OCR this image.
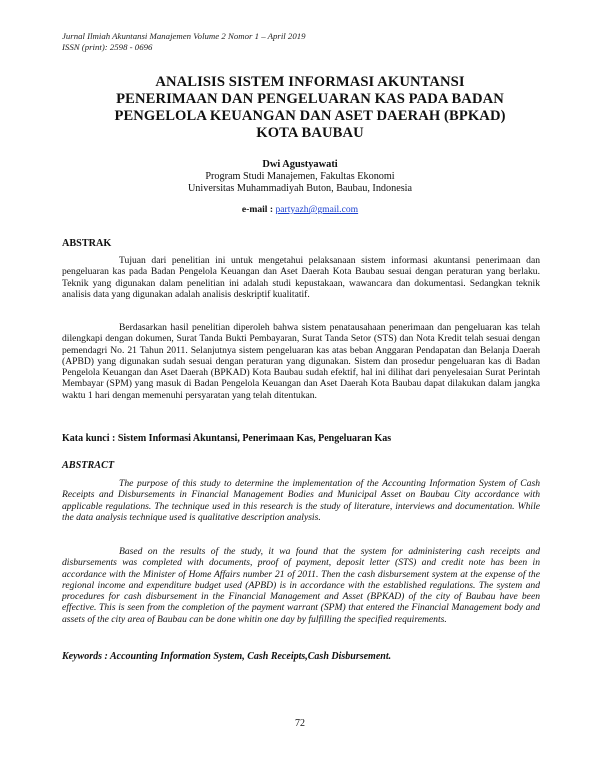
Jurnal Ilmiah Akuntansi Manajemen Volume 2 Nomor 1 – April 2019
ISSN (print): 2598 - 0696
ANALISIS SISTEM INFORMASI AKUNTANSI
PENERIMAAN DAN PENGELUARAN KAS PADA BADAN
PENGELOLA KEUANGAN DAN ASET DAERAH (BPKAD)
KOTA BAUBAU
Dwi Agustyawati
Program Studi Manajemen, Fakultas Ekonomi
Universitas Muhammadiyah Buton, Baubau, Indonesia
e-mail : partyazh@gmail.com
ABSTRAK
Tujuan dari penelitian ini untuk mengetahui pelaksanaan sistem informasi akuntansi penerimaan dan pengeluaran kas pada Badan Pengelola Keuangan dan Aset Daerah Kota Baubau sesuai dengan peraturan yang berlaku. Teknik yang digunakan dalam penelitian ini adalah studi kepustakaan, wawancara dan dokumentasi. Sedangkan teknik analisis data yang digunakan adalah analisis deskriptif kualitatif.
Berdasarkan hasil penelitian diperoleh bahwa sistem penatausahaan penerimaan dan pengeluaran kas telah dilengkapi dengan dokumen, Surat Tanda Bukti Pembayaran, Surat Tanda Setor (STS) dan Nota Kredit telah sesuai dengan pemendagri No. 21 Tahun 2011. Selanjutnya sistem pengeluaran kas atas beban Anggaran Pendapatan dan Belanja Daerah (APBD) yang digunakan sudah sesuai dengan peraturan yang digunakan. Sistem dan prosedur pengeluaran kas di Badan Pengelola Keuangan dan Aset Daerah (BPKAD) Kota Baubau sudah efektif, hal ini dilihat dari penyelesaian Surat Perintah Membayar (SPM) yang masuk di Badan Pengelola Keuangan dan Aset Daerah Kota Baubau dapat dilakukan dalam jangka waktu 1 hari dengan memenuhi persyaratan yang telah ditentukan.
Kata kunci : Sistem Informasi Akuntansi, Penerimaan Kas, Pengeluaran Kas
ABSTRACT
The purpose of this study to determine the implementation of the Accounting Information System of Cash Receipts and Disbursements in Financial Management Bodies and Municipal Asset on Baubau City accordance with applicable regulations. The technique used in this research is the study of literature, interviews and documentation. While the data analysis technique used is qualitative description analysis.
Based on the results of the study, it wa found that the system for administering cash receipts and disbursements was completed with documents, proof of payment, deposit letter (STS) and credit note has been in accordance with the Minister of Home Affairs number 21 of 2011. Then the cash disbursement system at the expense of the regional income and expenditure budget used (APBD) is in accordance with the established regulations. The system and procedures for cash disbursement in the Financial Management and Asset (BPKAD) of the city of Baubau have been effective. This is seen from the completion of the payment warrant (SPM) that entered the Financial Management body and assets of the city area of Baubau can be done whitin one day by fulfilling the specified requirements.
Keywords : Accounting Information System, Cash Receipts,Cash Disbursement.
72
